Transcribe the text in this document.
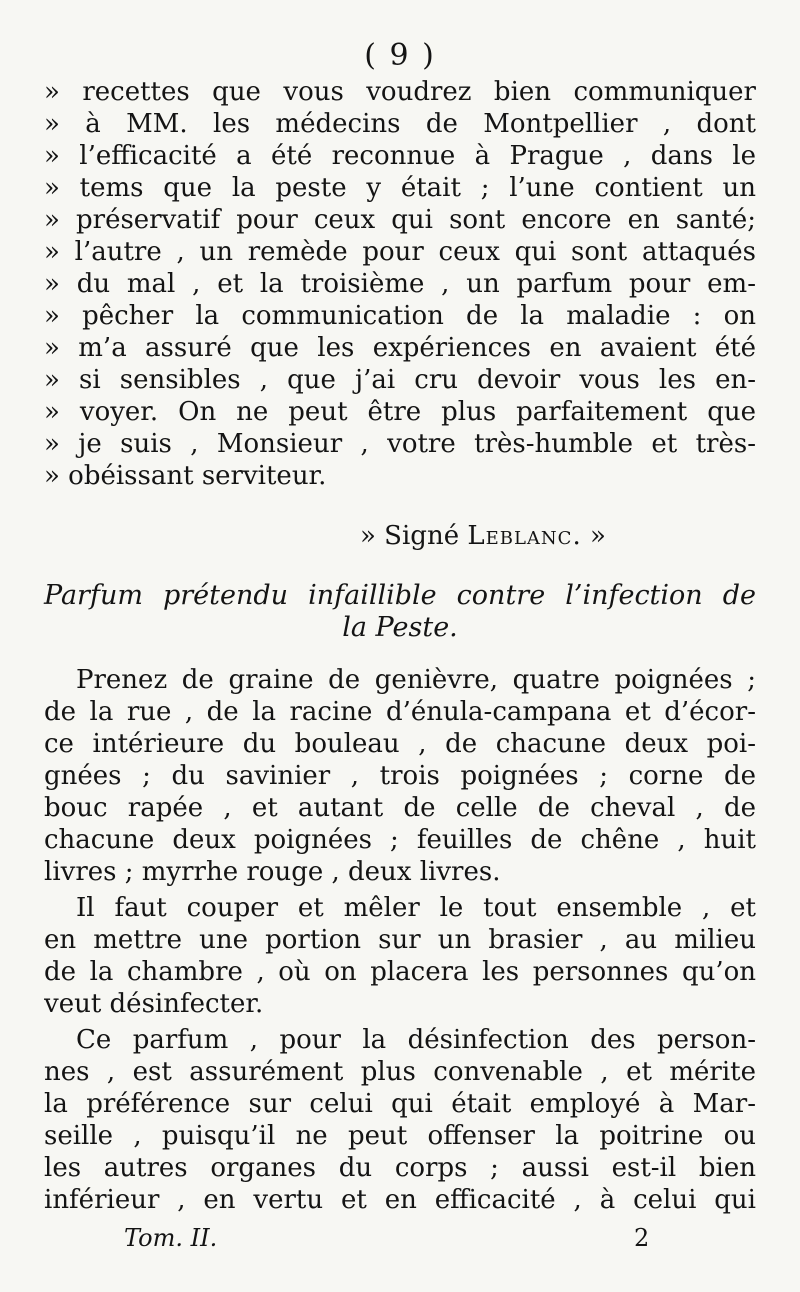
( 9 )
» recettes que vous voudrez bien communiquer
» à MM. les médecins de Montpellier , dont
» l’efficacité a été reconnue à Prague , dans le
» tems que la peste y était ; l’une contient un
» préservatif pour ceux qui sont encore en santé;
» l’autre , un remède pour ceux qui sont attaqués
» du mal , et la troisième , un parfum pour em-
» pêcher la communication de la maladie : on
» m’a assuré que les expériences en avaient été
» si sensibles , que j’ai cru devoir vous les en-
» voyer. On ne peut être plus parfaitement que
» je suis , Monsieur , votre très-humble et très-
» obéissant serviteur.
» Signé Leblanc. »
Parfum prétendu infaillible contre l’infection de
la Peste.
Prenez de graine de genièvre, quatre poignées ;
de la rue , de la racine d’énula-campana et d’écor-
ce intérieure du bouleau , de chacune deux poi-
gnées ; du savinier , trois poignées ; corne de
bouc rapée , et autant de celle de cheval , de
chacune deux poignées ; feuilles de chêne , huit
livres ; myrrhe rouge , deux livres.
Il faut couper et mêler le tout ensemble , et
en mettre une portion sur un brasier , au milieu
de la chambre , où on placera les personnes qu’on
veut désinfecter.
Ce parfum , pour la désinfection des person-
nes , est assurément plus convenable , et mérite
la préférence sur celui qui était employé à Mar-
seille , puisqu’il ne peut offenser la poitrine ou
les autres organes du corps ; aussi est-il bien
inférieur , en vertu et en efficacité , à celui qui
Tom. II.	2
